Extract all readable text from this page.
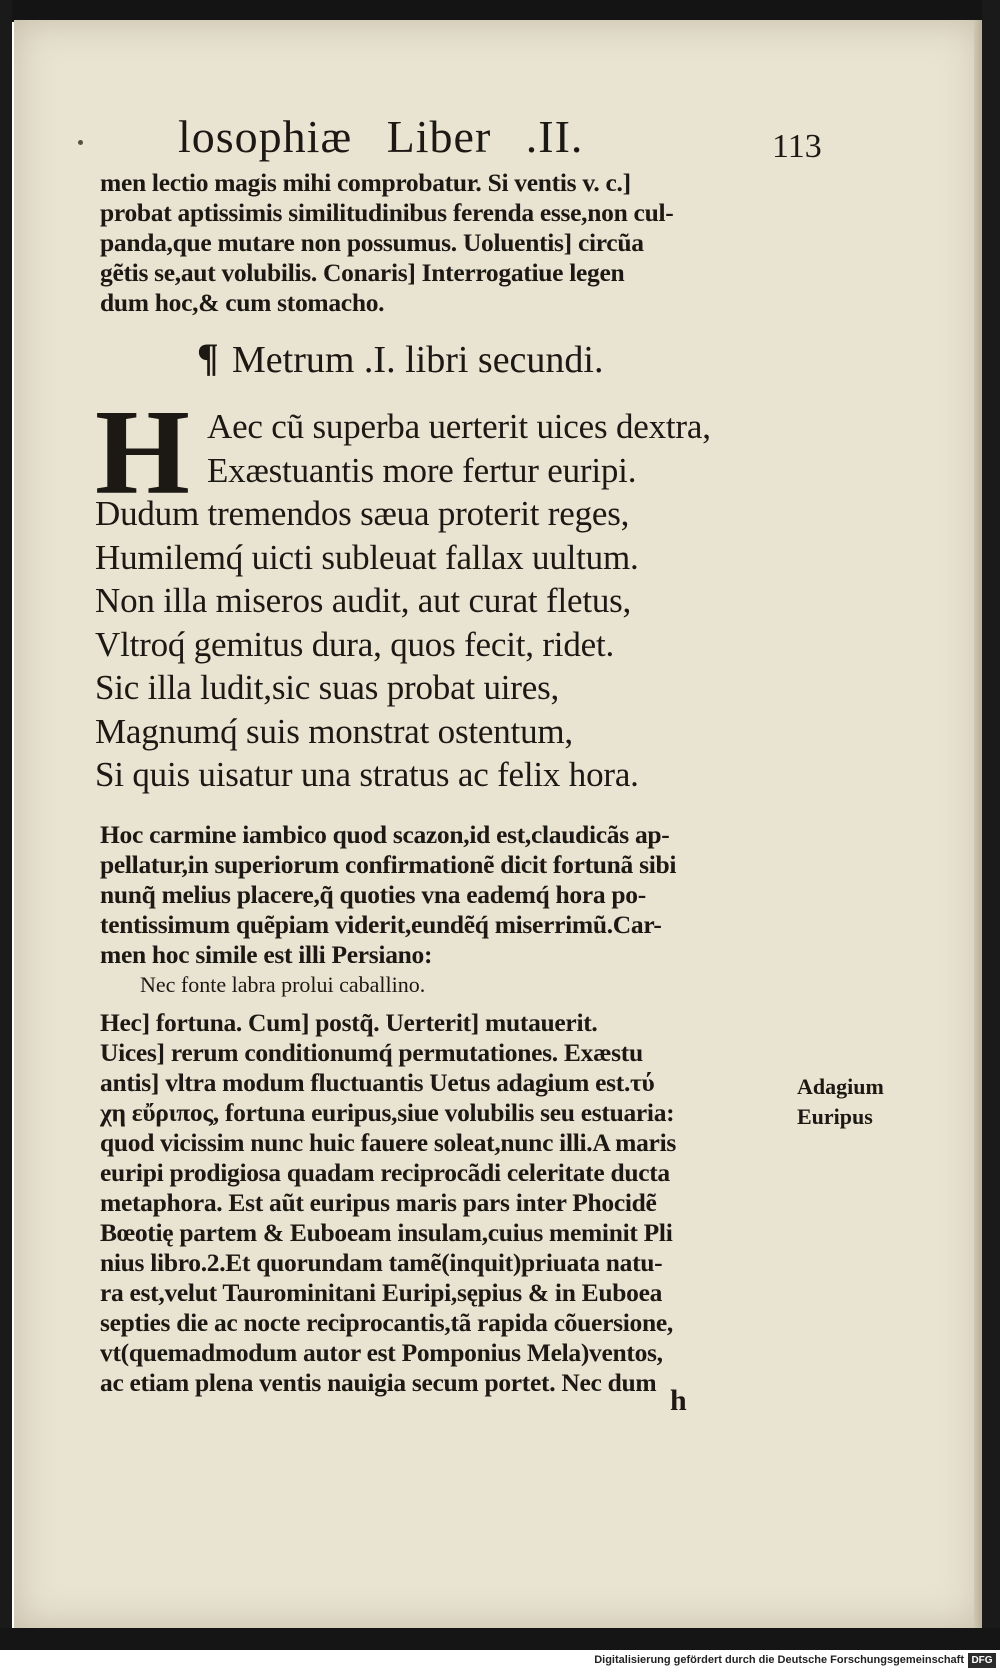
losophiæ Liber .II.	113
men lectio magis mihi comprobatur. Si ventis v. c.]
probat aptissimis similitudinibus ferenda esse,non cul-
panda,que mutare non possumus. Uoluentis] circũa
gẽtis se,aut volubilis. Conaris] Interrogatiue legen
dum hoc,& cum stomacho.
¶ Metrum .I. libri secundi.
H Aec cũ superba uerterit uices dextra,
Exæstuantis more fertur euripi.
Dudum tremendos sæua proterit reges,
Humilemq́ uicti subleuat fallax uultum.
Non illa miseros audit, aut curat fletus,
Vltroq́ gemitus dura, quos fecit, ridet.
Sic illa ludit,sic suas probat uires,
Magnumq́ suis monstrat ostentum,
Si quis uisatur una stratus ac felix hora.
Hoc carmine iambico quod scazon,id est,claudicãs ap-
pellatur,in superiorum confirmationẽ dicit fortunã sibi
nunq̃ melius placere,q̃ quoties vna eademq́ hora po-
tentissimum quẽpiam viderit,eundẽq́ miserrimũ.Car-
men hoc simile est illi Persiano:
Nec fonte labra prolui caballino.
Hec] fortuna. Cum] postq̃. Uerterit] mutauerit.
Uices] rerum conditionumq́ permutationes. Exæstu
antis] vltra modum fluctuantis Uetus adagium est.τύ
χη εὔριπος, fortuna euripus,siue volubilis seu estuaria:
quod vicissim nunc huic fauere soleat,nunc illi.A maris
euripi prodigiosa quadam reciprocãdi celeritate ducta
metaphora. Est aũt euripus maris pars inter Phocidẽ
Bœotię partem & Euboeam insulam,cuius meminit Pli
nius libro.2.Et quorundam tamẽ(inquit)priuata natu-
ra est,velut Taurominitani Euripi,sępius & in Euboea
septies die ac nocte reciprocantis,tã rapida cõuersione,
vt(quemadmodum autor est Pomponius Mela)ventos,
ac etiam plena ventis nauigia secum portet. Nec dum
Adagium
Euripus
h
Digitalisierung gefördert durch die Deutsche Forschungsgemeinschaft DFG
